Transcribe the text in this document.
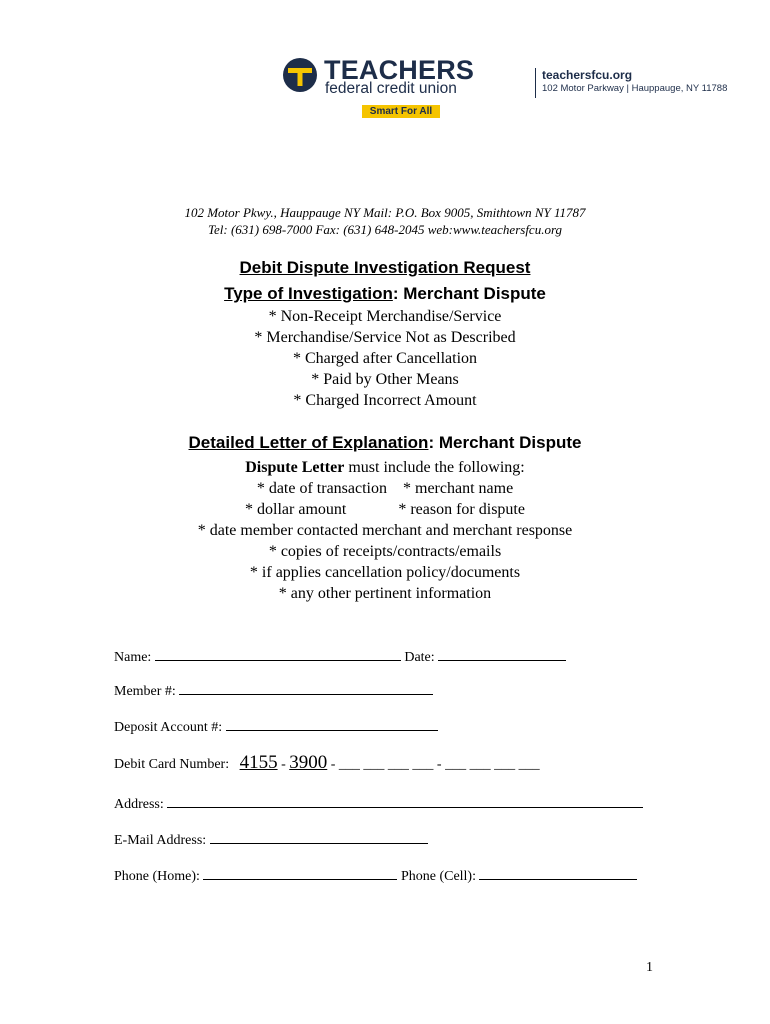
TEACHERS
federal credit union
Smart For All
teachersfcu.org
102 Motor Parkway | Hauppauge, NY 11788
102 Motor Pkwy., Hauppauge NY Mail: P.O. Box 9005, Smithtown NY 11787
Tel: (631) 698-7000 Fax: (631) 648-2045 web:www.teachersfcu.org
Debit Dispute Investigation Request
Type of Investigation: Merchant Dispute
* Non-Receipt Merchandise/Service
* Merchandise/Service Not as Described
* Charged after Cancellation
* Paid by Other Means
* Charged Incorrect Amount
Detailed Letter of Explanation: Merchant Dispute
Dispute Letter must include the following:
* date of transaction    * merchant name
* dollar amount             * reason for dispute
* date member contacted merchant and merchant response
* copies of receipts/contracts/emails
* if applies cancellation policy/documents
* any other pertinent information
Name:	Date:
Member #:
Deposit Account #:
Debit Card Number:   4155 - 3900 - ___ ___ ___ ___ - ___ ___ ___ ___
Address:
E-Mail Address:
Phone (Home):	Phone (Cell):
1
